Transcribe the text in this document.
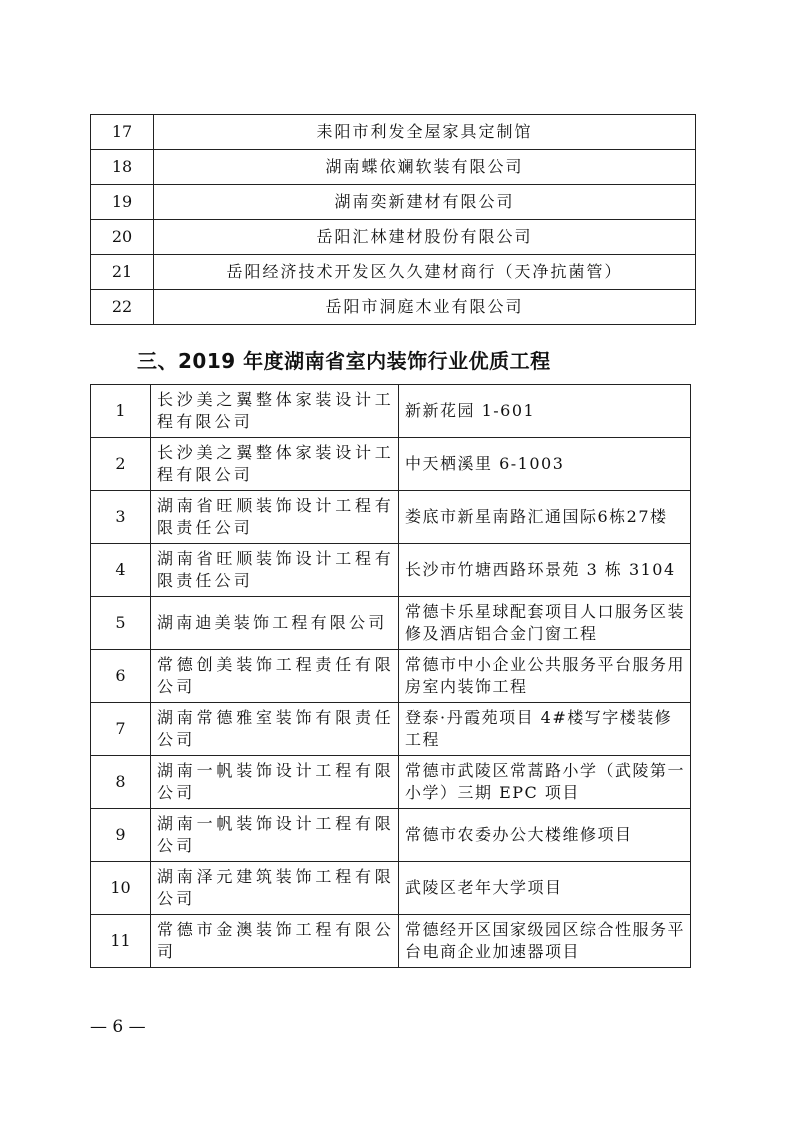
17	耒阳市利发全屋家具定制馆
18	湖南蝶依斓软装有限公司
19	湖南奕新建材有限公司
20	岳阳汇林建材股份有限公司
21	岳阳经济技术开发区久久建材商行（天净抗菌管）
22	岳阳市洞庭木业有限公司
三、2019 年度湖南省室内装饰行业优质工程
1	长沙美之翼整体家装设计工程有限公司	新新花园 1-601
2	长沙美之翼整体家装设计工程有限公司	中天栖溪里 6-1003
3	湖南省旺顺装饰设计工程有限责任公司	娄底市新星南路汇通国际6栋27楼
4	湖南省旺顺装饰设计工程有限责任公司	长沙市竹塘西路环景苑 3 栋 3104
5	湖南迪美装饰工程有限公司	常德卡乐星球配套项目人口服务区装修及酒店铝合金门窗工程
6	常德创美装饰工程责任有限公司	常德市中小企业公共服务平台服务用房室内装饰工程
7	湖南常德雅室装饰有限责任公司	登泰·丹霞苑项目 4#楼写字楼装修工程
8	湖南一帆装饰设计工程有限公司	常德市武陵区常蒿路小学（武陵第一小学）三期 EPC 项目
9	湖南一帆装饰设计工程有限公司	常德市农委办公大楼维修项目
10	湖南泽元建筑装饰工程有限公司	武陵区老年大学项目
11	常德市金澳装饰工程有限公司	常德经开区国家级园区综合性服务平台电商企业加速器项目
— 6 —
